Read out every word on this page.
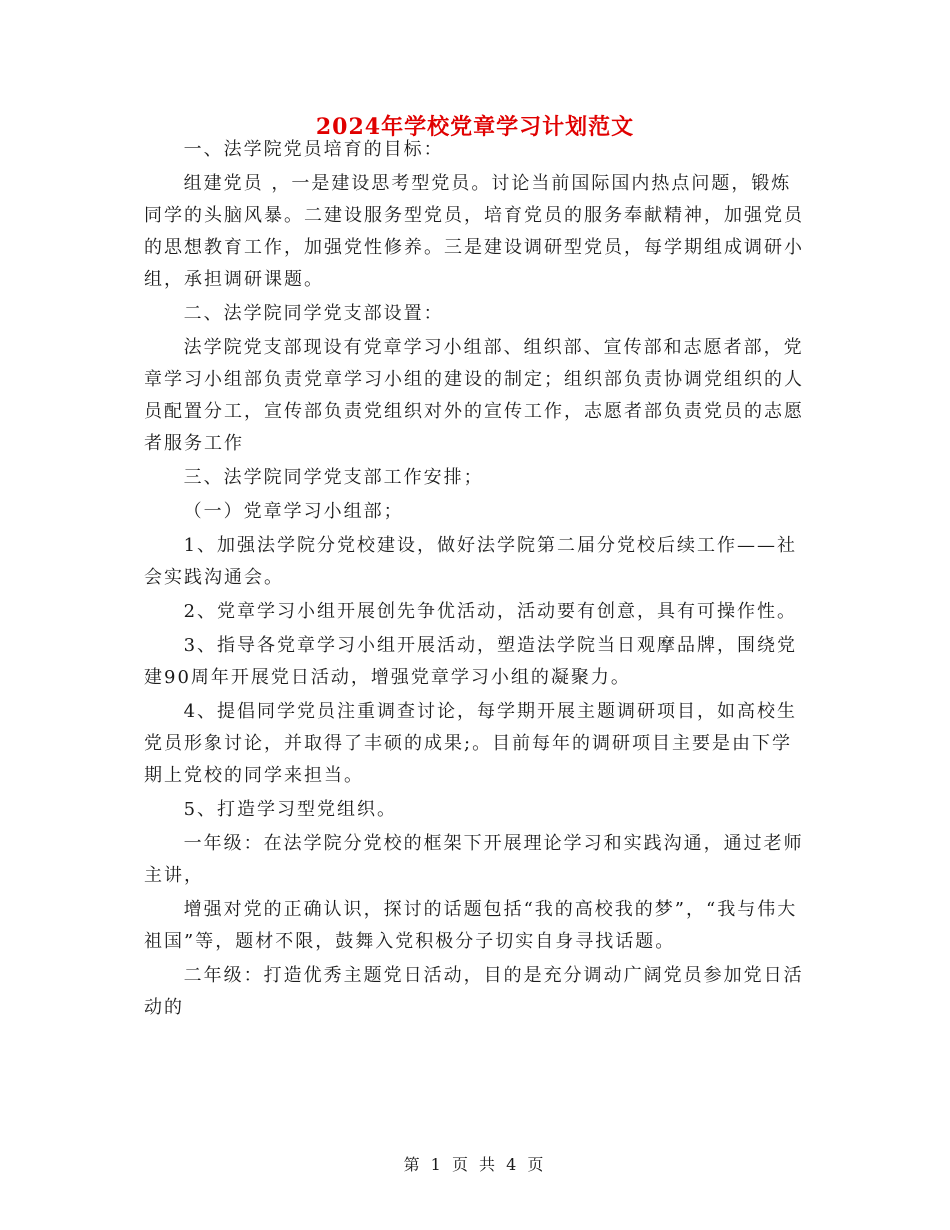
2024年学校党章学习计划范文

一、法学院党员培育的目标：

组建党员 ，一是建设思考型党员。讨论当前国际国内热点问题，锻炼同学的头脑风暴。二建设服务型党员，培育党员的服务奉献精神，加强党员的思想教育工作，加强党性修养。三是建设调研型党员，每学期组成调研小组，承担调研课题。

二、法学院同学党支部设置：

法学院党支部现设有党章学习小组部、组织部、宣传部和志愿者部，党章学习小组部负责党章学习小组的建设的制定；组织部负责协调党组织的人员配置分工，宣传部负责党组织对外的宣传工作，志愿者部负责党员的志愿者服务工作

三、法学院同学党支部工作安排；

（一）党章学习小组部；

1、加强法学院分党校建设，做好法学院第二届分党校后续工作——社会实践沟通会。

2、党章学习小组开展创先争优活动，活动要有创意，具有可操作性。

3、指导各党章学习小组开展活动，塑造法学院当日观摩品牌，围绕党建90周年开展党日活动，增强党章学习小组的凝聚力。

4、提倡同学党员注重调查讨论，每学期开展主题调研项目，如高校生党员形象讨论，并取得了丰硕的成果;。目前每年的调研项目主要是由下学期上党校的同学来担当。

5、打造学习型党组织。

一年级：在法学院分党校的框架下开展理论学习和实践沟通，通过老师主讲，

增强对党的正确认识，探讨的话题包括“我的高校我的梦”，“我与伟大祖国”等，题材不限，鼓舞入党积极分子切实自身寻找话题。

二年级：打造优秀主题党日活动，目的是充分调动广阔党员参加党日活动的

第 1 页 共 4 页
